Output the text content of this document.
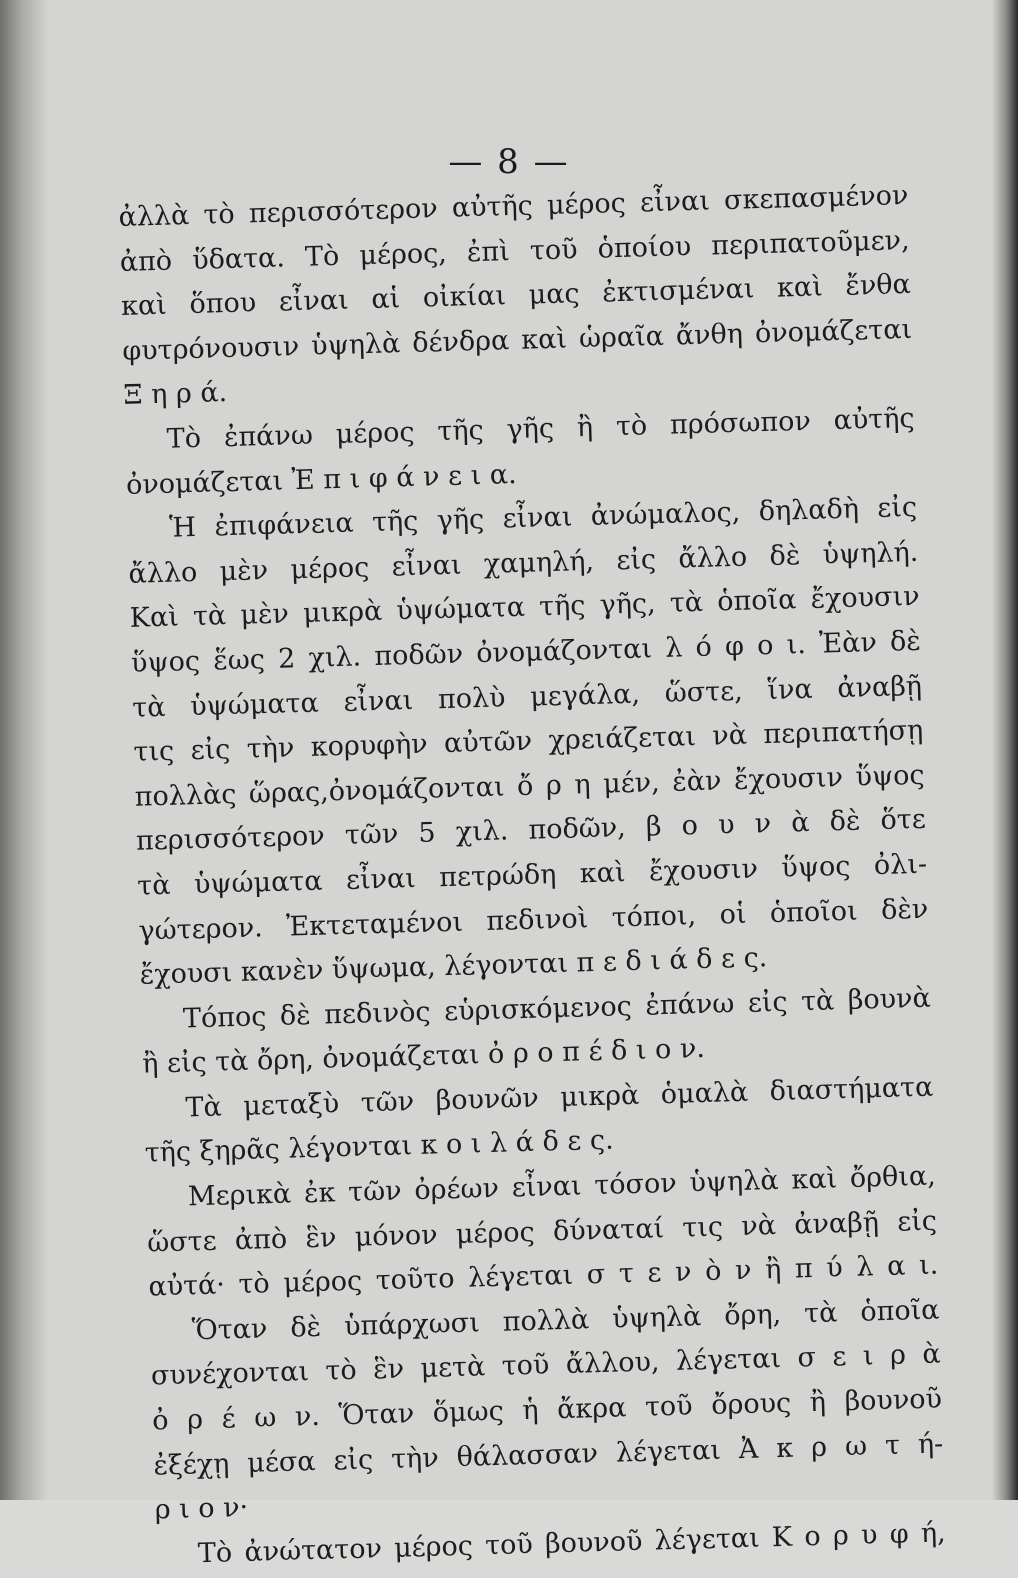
— 8 —
ἀλλὰ τὸ περισσότερον αὐτῆς μέρος εἶναι σκεπασμένον
ἀπὸ ὕδατα. Τὸ μέρος, ἐπὶ τοῦ ὁποίου περιπατοῦμεν,
καὶ ὅπου εἶναι αἱ οἰκίαι μας ἐκτισμέναι καὶ ἔνθα
φυτρόνουσιν ὑψηλὰ δένδρα καὶ ὡραῖα ἄνθη ὀνομάζεται
Ξ η ρ ά.
Τὸ ἐπάνω μέρος τῆς γῆς ἢ τὸ πρόσωπον αὐτῆς
ὀνομάζεται Ἐ π ι φ ά ν ε ι α.
Ἡ ἐπιφάνεια τῆς γῆς εἶναι ἀνώμαλος, δηλαδὴ εἰς
ἄλλο μὲν μέρος εἶναι χαμηλή, εἰς ἄλλο δὲ ὑψηλή.
Καὶ τὰ μὲν μικρὰ ὑψώματα τῆς γῆς, τὰ ὁποῖα ἔχουσιν
ὕψος ἕως 2 χιλ. ποδῶν ὀνομάζονται λ ό φ ο ι. Ἐὰν δὲ
τὰ ὑψώματα εἶναι πολὺ μεγάλα, ὥστε, ἵνα ἀναβῇ
τις εἰς τὴν κορυφὴν αὐτῶν χρειάζεται νὰ περιπατήσῃ
πολλὰς ὥρας,ὀνομάζονται ὄ ρ η μέν, ἐὰν ἔχουσιν ὕψος
περισσότερον τῶν 5 χιλ. ποδῶν, β ο υ ν ὰ δὲ ὅτε
τὰ ὑψώματα εἶναι πετρώδη καὶ ἔχουσιν ὕψος ὀλι-
γώτερον. Ἐκτεταμένοι πεδινοὶ τόποι, οἱ ὁποῖοι δὲν
ἔχουσι κανὲν ὕψωμα, λέγονται π ε δ ι ά δ ε ς.
Τόπος δὲ πεδινὸς εὑρισκόμενος ἐπάνω εἰς τὰ βουνὰ
ἢ εἰς τὰ ὄρη, ὀνομάζεται ὀ ρ ο π έ δ ι ο ν.
Τὰ μεταξὺ τῶν βουνῶν μικρὰ ὁμαλὰ διαστήματα
τῆς ξηρᾶς λέγονται κ ο ι λ ά δ ε ς.
Μερικὰ ἐκ τῶν ὀρέων εἶναι τόσον ὑψηλὰ καὶ ὄρθια,
ὥστε ἀπὸ ἓν μόνον μέρος δύναταί τις νὰ ἀναβῇ εἰς
αὐτά· τὸ μέρος τοῦτο λέγεται σ τ ε ν ὸ ν ἢ π ύ λ α ι.
Ὅταν δὲ ὑπάρχωσι πολλὰ ὑψηλὰ ὄρη, τὰ ὁποῖα
συνέχονται τὸ ἓν μετὰ τοῦ ἄλλου, λέγεται σ ε ι ρ ὰ
ὀ ρ έ ω ν. Ὅταν ὅμως ἡ ἄκρα τοῦ ὄρους ἢ βουνοῦ
ἐξέχῃ μέσα εἰς τὴν θάλασσαν λέγεται Ἀ κ ρ ω τ ή-
ρ ι ο ν·
Τὸ ἀνώτατον μέρος τοῦ βουνοῦ λέγεται Κ ο ρ υ φ ή,
